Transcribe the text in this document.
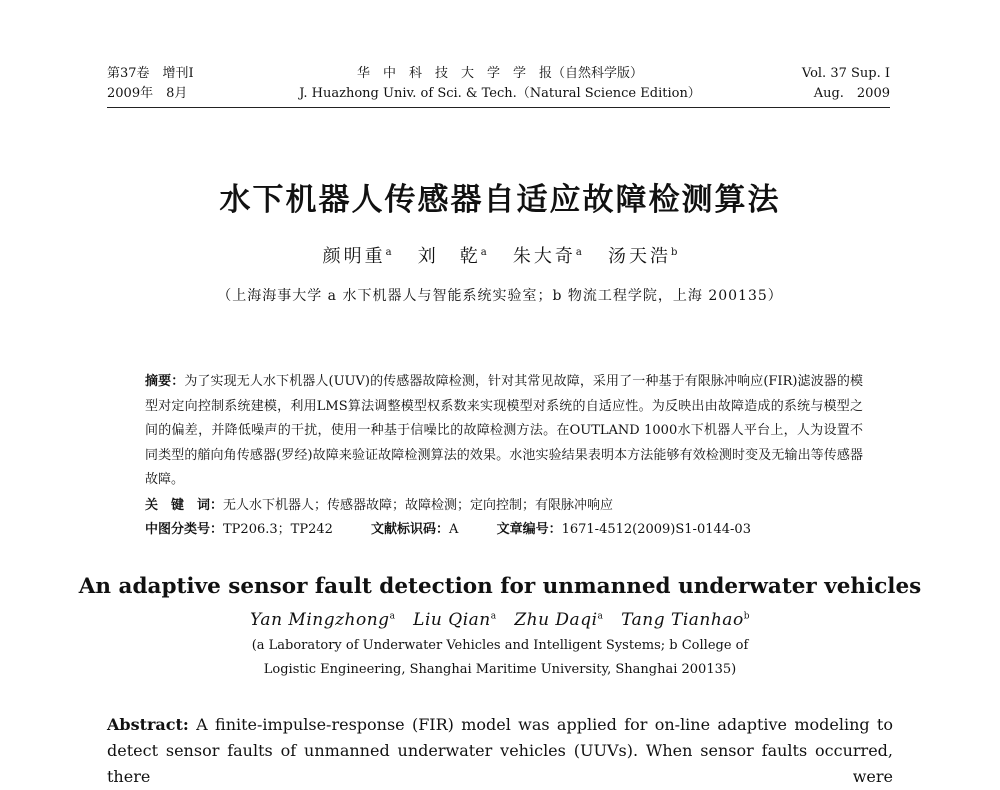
第37卷　增刊Ⅰ
2009年　8月
华　中　科　技　大　学　学　报（自然科学版）
J. Huazhong Univ. of Sci. & Tech.（Natural Science Edition）
Vol. 37 Sup. Ⅰ
Aug.　2009
水下机器人传感器自适应故障检测算法
颜明重$^a$ 刘　乾$^a$ 朱大奇$^a$ 汤天浩$^b$
（上海海事大学 a 水下机器人与智能系统实验室；b 物流工程学院，上海 200135）
摘要：为了实现无人水下机器人(UUV)的传感器故障检测，针对其常见故障，采用了一种基于有限脉冲响应(FIR)滤波器的模型对定向控制系统建模，利用LMS算法调整模型权系数来实现模型对系统的自适应性。为反映出由故障造成的系统与模型之间的偏差，并降低噪声的干扰，使用一种基于信噪比的故障检测方法。在OUTLAND 1000水下机器人平台上，人为设置不同类型的艏向角传感器(罗经)故障来验证故障检测算法的效果。水池实验结果表明本方法能够有效检测时变及无输出等传感器故障。
关　键　词：无人水下机器人；传感器故障；故障检测；定向控制；有限脉冲响应
中图分类号：TP206.3；TP242	文献标识码：A	文章编号：1671-4512(2009)S1-0144-03
An adaptive sensor fault detection for unmanned underwater vehicles
Yan Mingzhong$^a$ Liu Qian$^a$ Zhu Daqi$^a$ Tang Tianhao$^b$
(a Laboratory of Underwater Vehicles and Intelligent Systems; b College of
Logistic Engineering, Shanghai Maritime University, Shanghai 200135)
Abstract: A finite-impulse-response (FIR) model was applied for on-line adaptive modeling to detect sensor faults of unmanned underwater vehicles (UUVs). When sensor faults occurred, there were
